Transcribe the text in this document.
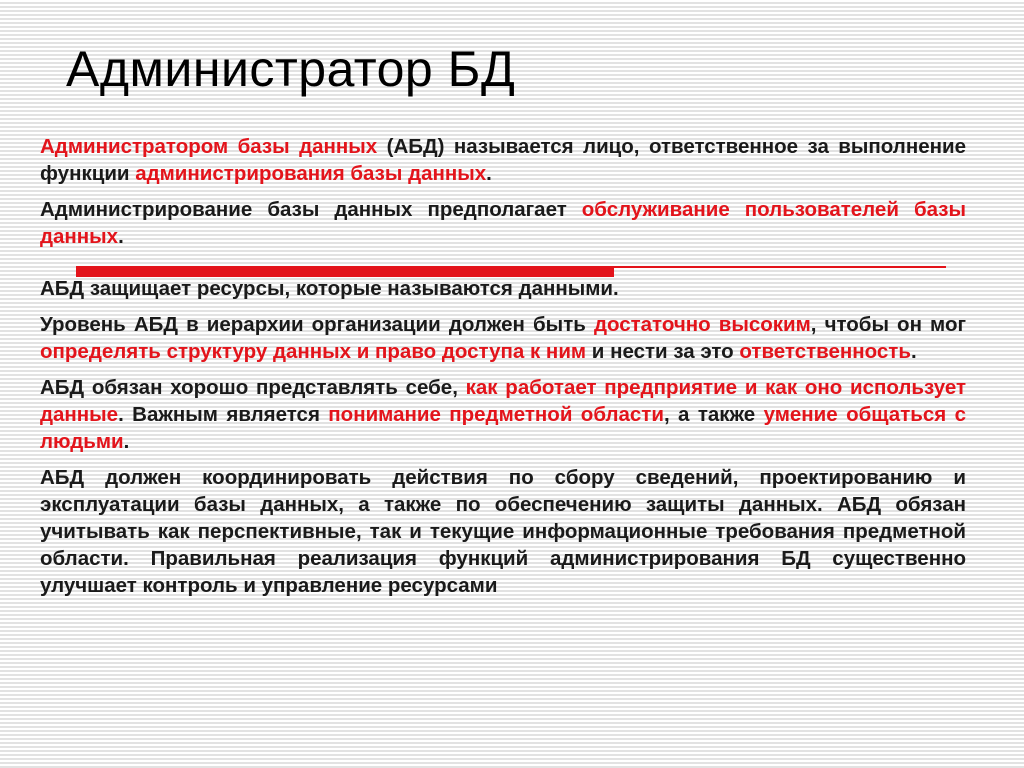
Администратор БД

Администратором базы данных (АБД) называется лицо, ответственное за выполнение функции администрирования базы данных.

Администрирование базы данных предполагает обслуживание пользователей базы данных.

АБД защищает ресурсы, которые называются данными.

Уровень АБД в иерархии организации должен быть достаточно высоким, чтобы он мог определять структуру данных и право доступа к ним и нести за это ответственность.

АБД обязан хорошо представлять себе, как работает предприятие и как оно использует данные. Важным является понимание предметной области, а также умение общаться с людьми.

АБД должен координировать действия по сбору сведений, проектированию и эксплуатации базы данных, а также по обеспечению защиты данных. АБД обязан учитывать как перспективные, так и текущие информационные требования предметной области. Правильная реализация функций администрирования БД существенно улучшает контроль и управление ресурсами
